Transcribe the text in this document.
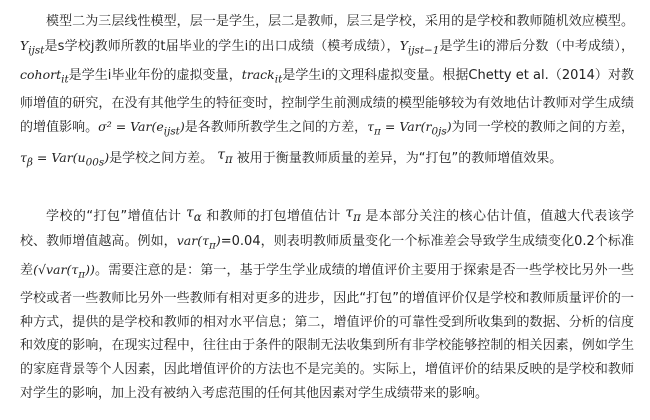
模型二为三层线性模型，层一是学生，层二是教师，层三是学校，采用的是学校和教师随机效应模型。$Y_{ijst}$是s学校j教师所教的t届毕业的学生i的出口成绩（模考成绩），$Y_{ijst-1}$是学生i的滞后分数（中考成绩），cohort$_{it}$是学生i毕业年份的虚拟变量，track$_{it}$是学生i的文理科虚拟变量。根据Chetty et al.（2014）对教师增值的研究，在没有其他学生的特征变时，控制学生前测成绩的模型能够较为有效地估计教师对学生成绩的增值影响。$\sigma^2 = Var(e_{ijst})$是各教师所教学生之间的方差，$\tau_\pi = Var(r_{0js})$为同一学校的教师之间的方差，$\tau_\beta = Var(u_{00s})$是学校之间方差。 $\tau_\pi$ 被用于衡量教师质量的差异，为“打包”的教师增值效果。

学校的“打包”增值估计 $\tau_\alpha$ 和教师的打包增值估计 $\tau_\pi$ 是本部分关注的核心估计值，值越大代表该学校、教师增值越高。例如，$var(\tau_\pi)=0.04$，则表明教师质量变化一个标准差会导致学生成绩变化0.2个标准差$(√var(\tau_\pi))$。需要注意的是：第一，基于学生学业成绩的增值评价主要用于探索是否一些学校比另外一些学校或者一些教师比另外一些教师有相对更多的进步，因此“打包”的增值评价仅是学校和教师质量评价的一种方式，提供的是学校和教师的相对水平信息；第二，增值评价的可靠性受到所收集到的数据、分析的信度和效度的影响，在现实过程中，往往由于条件的限制无法收集到所有非学校能够控制的相关因素，例如学生的家庭背景等个人因素，因此增值评价的方法也不是完美的。实际上，增值评价的结果反映的是学校和教师对学生的影响，加上没有被纳入考虑范围的任何其他因素对学生成绩带来的影响。
